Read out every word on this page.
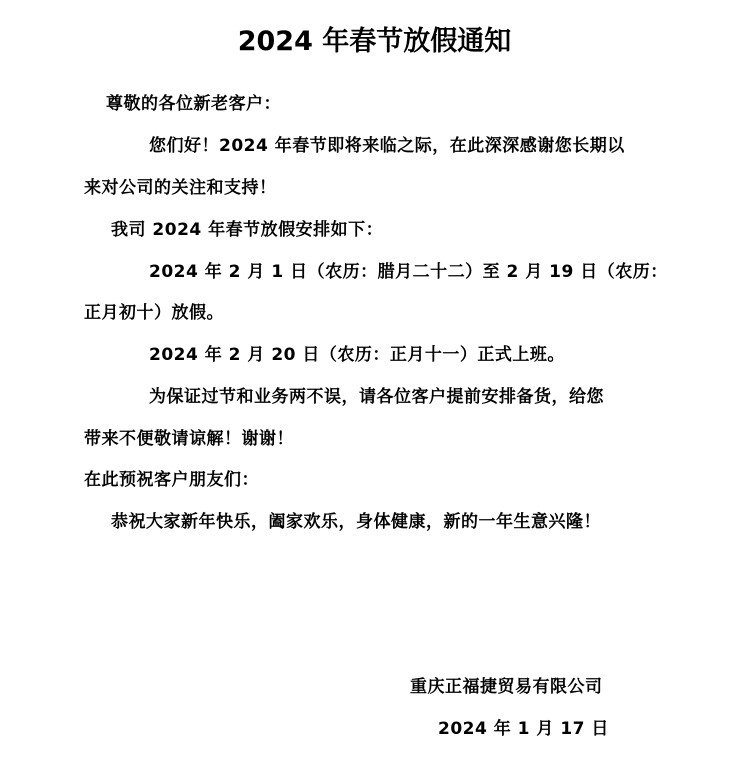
2024 年春节放假通知
尊敬的各位新老客户：
您们好！2024 年春节即将来临之际，在此深深感谢您长期以
来对公司的关注和支持！
我司 2024 年春节放假安排如下：
2024 年 2 月 1 日（农历：腊月二十二）至 2 月 19 日（农历：
正月初十）放假。
2024 年 2 月 20 日（农历：正月十一）正式上班。
为保证过节和业务两不误，请各位客户提前安排备货，给您
带来不便敬请谅解！谢谢！
在此预祝客户朋友们：
恭祝大家新年快乐，阖家欢乐，身体健康，新的一年生意兴隆！
重庆正福捷贸易有限公司
2024 年 1 月 17 日
